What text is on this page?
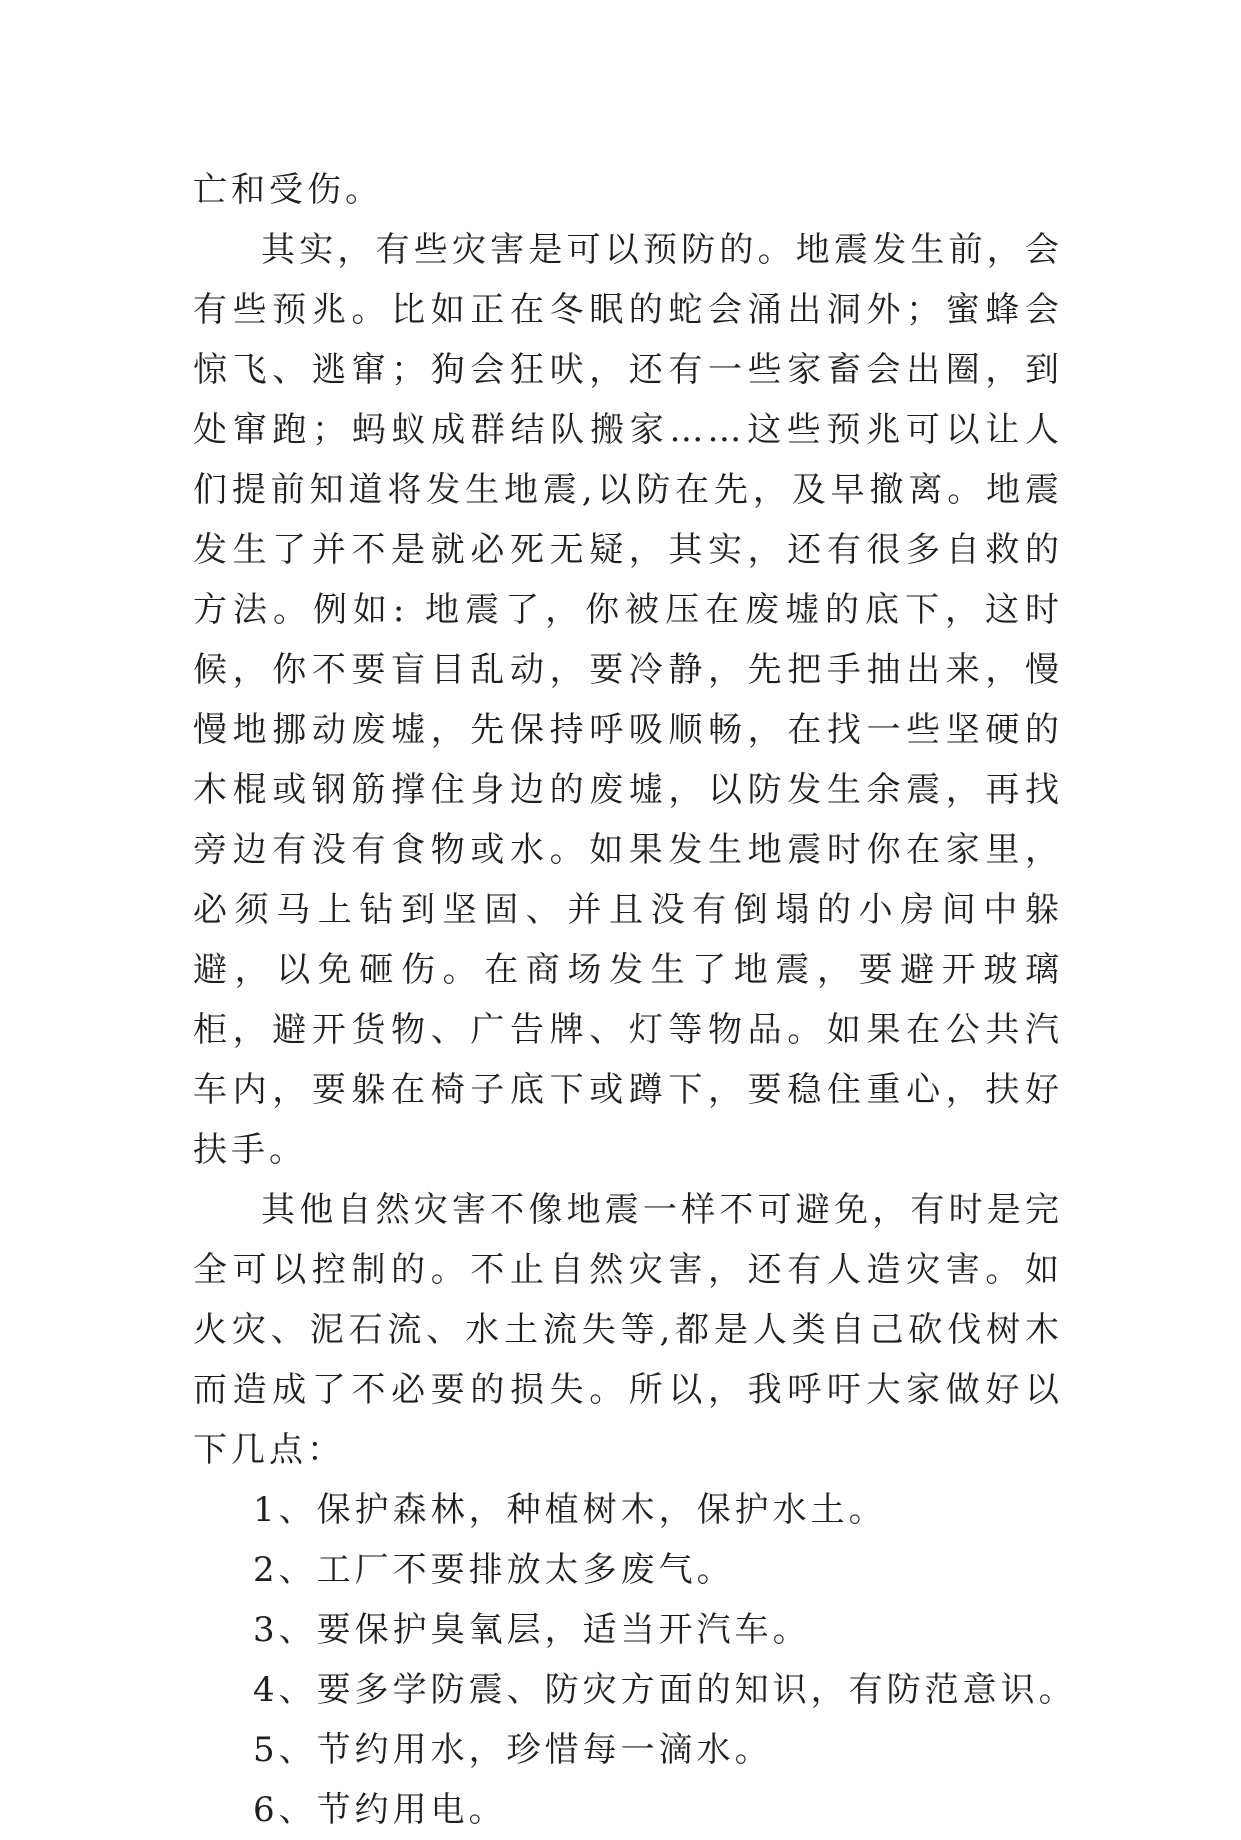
亡和受伤。

其实，有些灾害是可以预防的。地震发生前，会有些预兆。比如正在冬眠的蛇会涌出洞外；蜜蜂会惊飞、逃窜；狗会狂吠，还有一些家畜会出圈，到处窜跑；蚂蚁成群结队搬家……这些预兆可以让人们提前知道将发生地震,以防在先，及早撤离。地震发生了并不是就必死无疑，其实，还有很多自救的方法。例如: 地震了，你被压在废墟的底下，这时候，你不要盲目乱动，要冷静，先把手抽出来，慢慢地挪动废墟，先保持呼吸顺畅，在找一些坚硬的木棍或钢筋撑住身边的废墟，以防发生余震，再找旁边有没有食物或水。如果发生地震时你在家里，必须马上钻到坚固、并且没有倒塌的小房间中躲避，以免砸伤。在商场发生了地震，要避开玻璃柜，避开货物、广告牌、灯等物品。如果在公共汽车内，要躲在椅子底下或蹲下，要稳住重心，扶好扶手。

其他自然灾害不像地震一样不可避免，有时是完全可以控制的。不止自然灾害，还有人造灾害。如火灾、泥石流、水土流失等,都是人类自己砍伐树木而造成了不必要的损失。所以，我呼吁大家做好以下几点：

1、保护森林，种植树木，保护水土。

2、工厂不要排放太多废气。

3、要保护臭氧层，适当开汽车。

4、要多学防震、防灾方面的知识，有防范意识。

5、节约用水，珍惜每一滴水。

6、节约用电。
